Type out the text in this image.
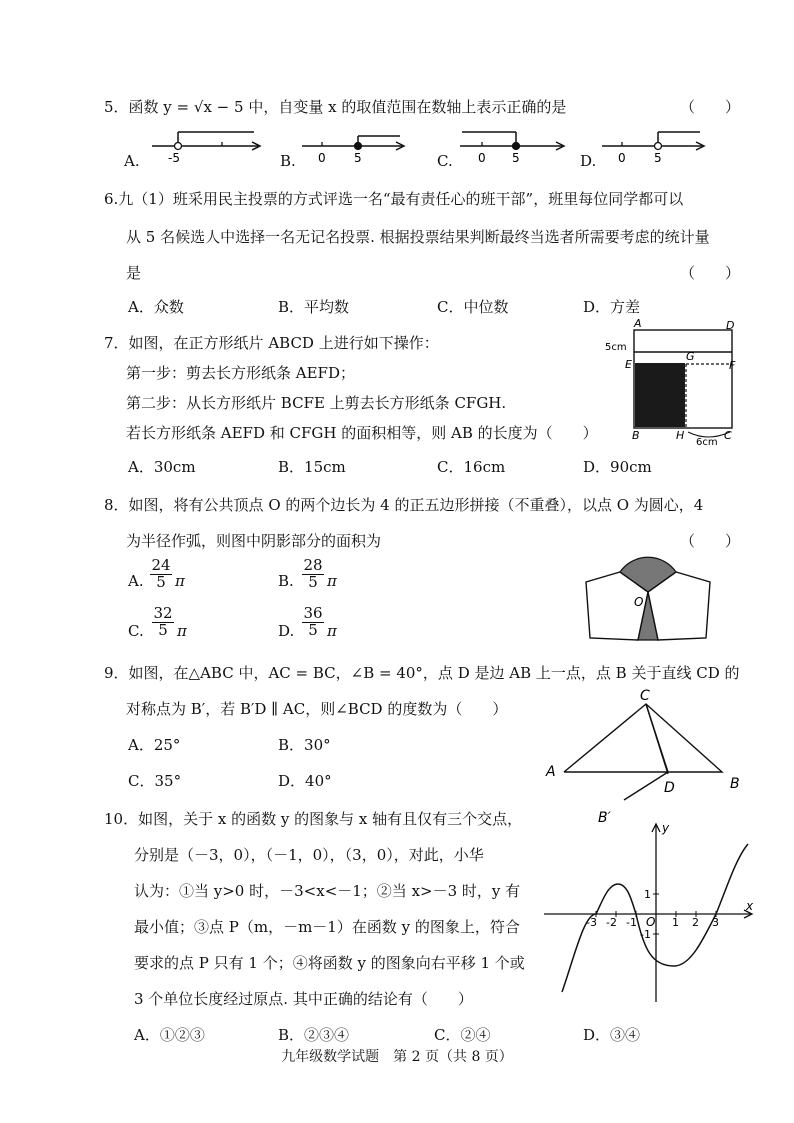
5．函数 y = √x − 5 中，自变量 x 的取值范围在数轴上表示正确的是	（　　）
A. -5	B. 0 5	C. 0 5	D. 0 5
6.九（1）班采用民主投票的方式评选一名“最有责任心的班干部”，班里每位同学都可以
从 5 名候选人中选择一名无记名投票. 根据投票结果判断最终当选者所需要考虑的统计量
是	（　　）
A．众数	B．平均数	C．中位数	D．方差
7．如图，在正方形纸片 ABCD 上进行如下操作：
第一步：剪去长方形纸条 AEFD；
第二步：从长方形纸片 BCFE 上剪去长方形纸条 CFGH.
若长方形纸条 AEFD 和 CFGH 的面积相等，则 AB 的长度为（　　）
A．30cm	B．15cm	C．16cm	D．90cm
A	D
E
G
F
B	H	C
5cm
6cm
8．如图，将有公共顶点 O 的两个边长为 4 的正五边形拼接（不重叠），以点 O 为圆心，4
为半径作弧，则图中阴影部分的面积为	（　　）
A.
24
5 π	B.
28
5 π
C.
32
5 π	D.
36
5 π
O
9．如图，在△ABC 中，AC = BC，∠B = 40°，点 D 是边 AB 上一点，点 B 关于直线 CD 的
对称点为 B′，若 B′D ∥ AC，则∠BCD 的度数为（　　）
A．25°	B．30°
C．35°	D．40°	A
C
B
D
B′
10．如图，关于 x 的函数 y 的图象与 x 轴有且仅有三个交点，
分别是（－3，0），（－1，0），（3，0），对此，小华
认为：①当 y>0 时，－3<x<－1；②当 x>－3 时，y 有
最小值；③点 P（m，－m－1）在函数 y 的图象上，符合
要求的点 P 只有 1 个；④将函数 y 的图象向右平移 1 个或
3 个单位长度经过原点. 其中正确的结论有（　　）
A．①②③	B．②③④	C．②④	D．③④
x
y
O
-3 -2 -1	1 2 3
1
-1
九年级数学试题　第 2 页（共 8 页）
